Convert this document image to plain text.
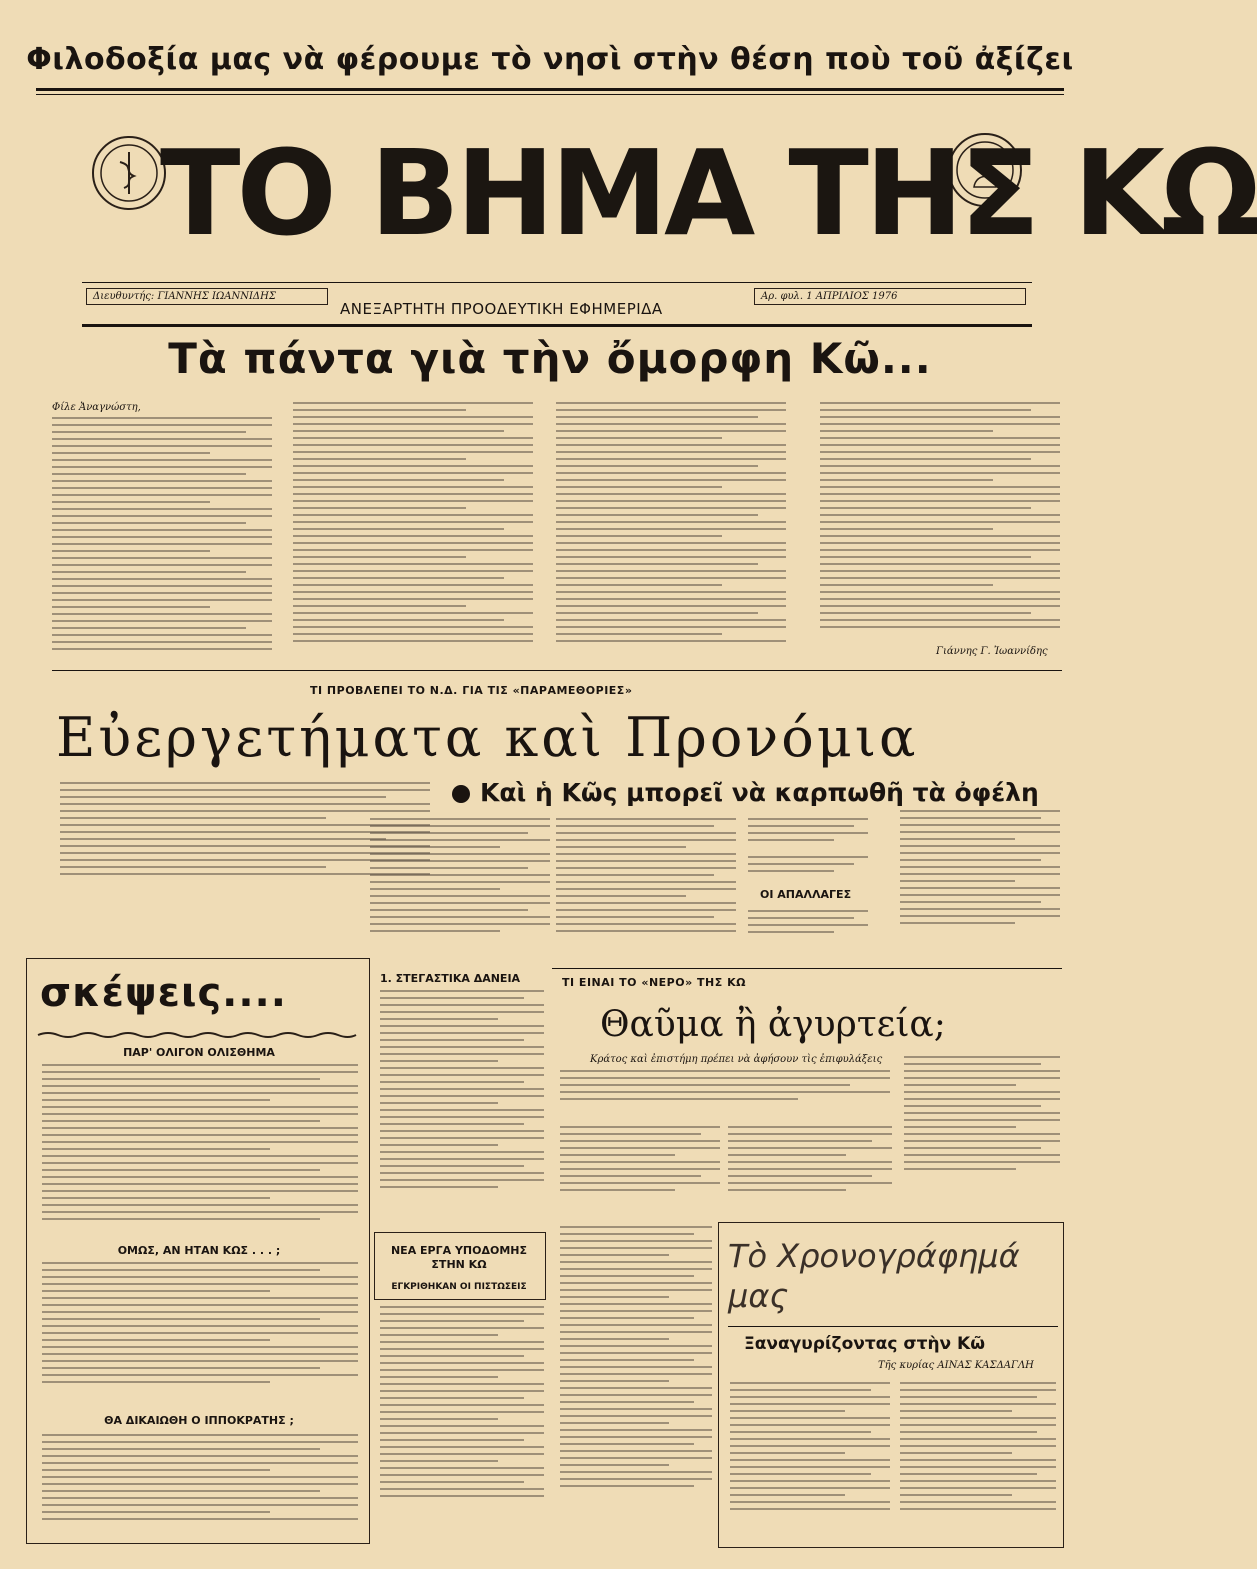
Φιλοδοξία μας νὰ φέρουμε τὸ νησὶ στὴν θέση ποὺ τοῦ ἀξίζει
ΤΟ ΒΗΜΑ ΤΗΣ ΚΩ
Διευθυντής: ΓΙΑΝΝΗΣ ΙΩΑΝΝΙΔΗΣ
ΑΝΕΞΑΡΤΗΤΗ ΠΡΟΟΔΕΥΤΙΚΗ ΕΦΗΜΕΡΙΔΑ
Αρ. φυλ. 1 ΑΠΡΙΛΙΟΣ 1976
Τὰ πάντα γιὰ τὴν ὄμορφη Κῶ...
Φίλε Ἀναγνώστη,
Γιάννης Γ. Ἰωαννίδης
ΤΙ ΠΡΟΒΛΕΠΕΙ ΤΟ Ν.Δ. ΓΙΑ ΤΙΣ «ΠΑΡΑΜΕΘΟΡΙΕΣ»
Εὐεργετήματα καὶ Προνόμια
Καὶ ἡ Κῶς μπορεῖ νὰ καρπωθῆ τὰ ὀφέλη
ΟΙ ΑΠΑΛΛΑΓΕΣ
σκέψεις....
ΠΑΡ' ΟΛΙΓΟΝ ΟΛΙΣΘΗΜΑ
ΟΜΩΣ, ΑΝ ΗΤΑΝ ΚΩΣ . . . ;
ΘΑ ΔΙΚΑΙΩΘΗ Ο ΙΠΠΟΚΡΑΤΗΣ ;
1. ΣΤΕΓΑΣΤΙΚΑ ΔΑΝΕΙΑ
ΝΕΑ ΕΡΓΑ ΥΠΟΔΟΜΗΣ ΣΤΗΝ ΚΩ
ΕΓΚΡΙΘΗΚΑΝ ΟΙ ΠΙΣΤΩΣΕΙΣ
ΤΙ ΕΙΝΑΙ ΤΟ «ΝΕΡΟ» ΤΗΣ ΚΩ
Θαῦμα ἢ ἀγυρτεία;
Κράτος καὶ ἐπιστήμη πρέπει νὰ ἀφήσουν τὶς ἐπιφυλάξεις
Τὸ Χρονογράφημά μας
Ξαναγυρίζοντας στὴν Κῶ
Τῆς κυρίας ΑΙΝΑΣ ΚΑΣΔΑΓΛΗ
